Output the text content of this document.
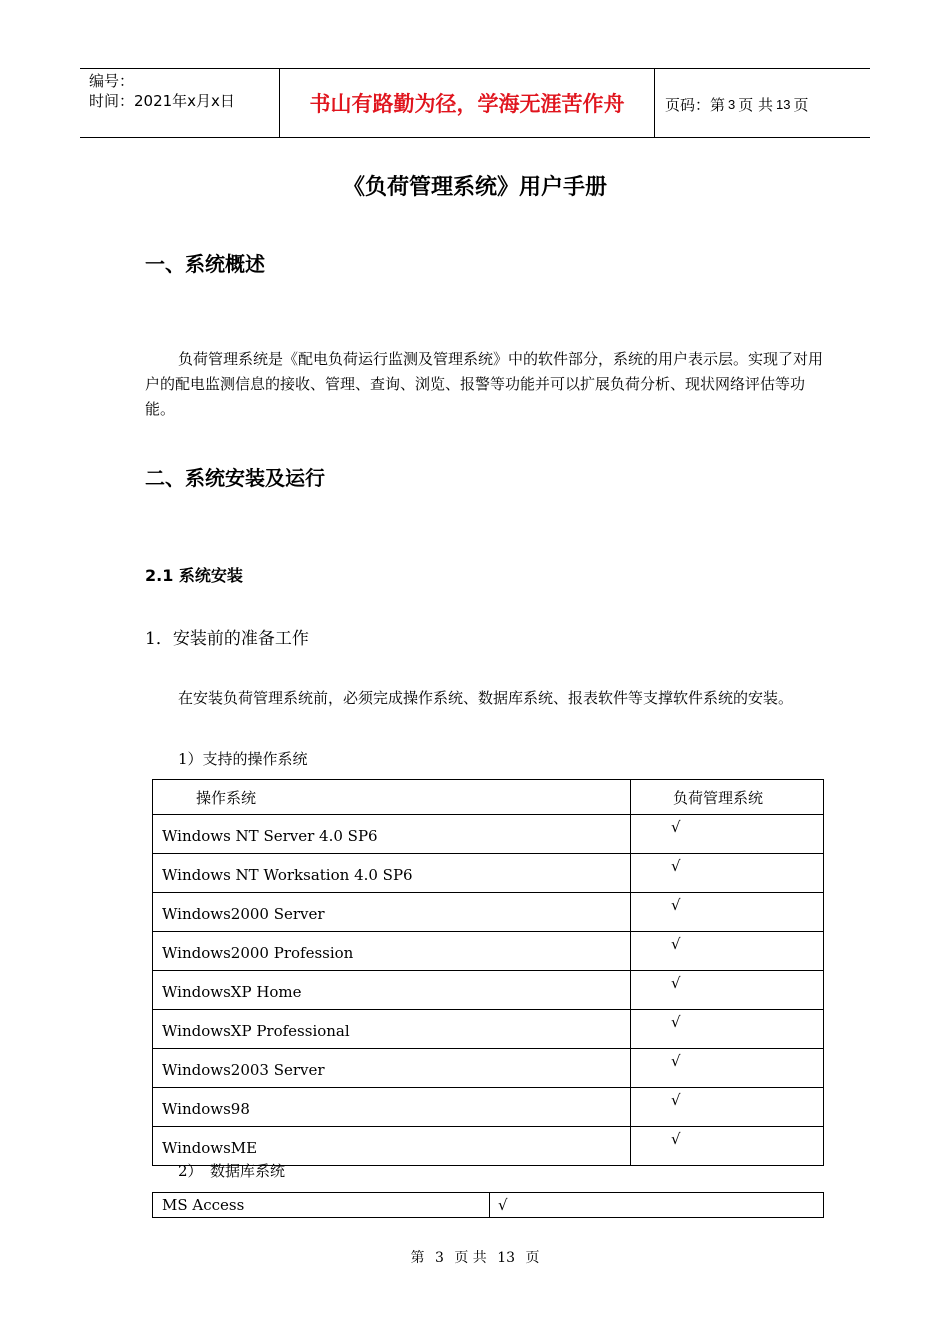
编号：
时间：2021年x月x日	书山有路勤为径，学海无涯苦作舟	页码：第 3 页 共 13 页
《负荷管理系统》用户手册
一、系统概述
负荷管理系统是《配电负荷运行监测及管理系统》中的软件部分，系统的用户表示层。实现了对用户的配电监测信息的接收、管理、查询、浏览、报警等功能并可以扩展负荷分析、现状网络评估等功能。
二、系统安装及运行
2.1 系统安装
1．安装前的准备工作
在安装负荷管理系统前，必须完成操作系统、数据库系统、报表软件等支撑软件系统的安装。
1）支持的操作系统
操作系统	负荷管理系统
Windows NT Server 4.0 SP6	√
Windows NT Worksation 4.0 SP6	√
Windows2000 Server	√
Windows2000 Profession	√
WindowsXP Home	√
WindowsXP Professional	√
Windows2003 Server	√
Windows98	√
WindowsME	√
2）　数据库系统
MS Access	√
第 3 页 共 13 页
